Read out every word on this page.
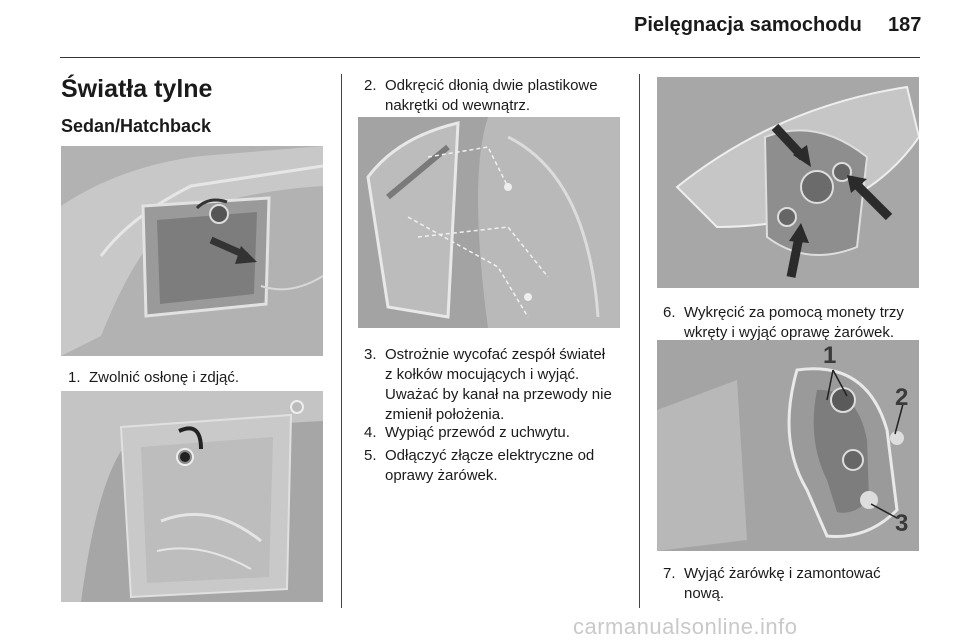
Pielęgnacja samochodu 187
Światła tylne
Sedan/Hatchback
1
2
3
1. Zwolnić osłonę i zdjąć.
2. Odkręcić dłonią dwie plastikowe
nakrętki od wewnątrz.
3. Ostrożnie wycofać zespół świateł
z kołków mocujących i wyjąć.
Uważać by kanał na przewody nie
zmienił położenia.
4. Wypiąć przewód z uchwytu.
5. Odłączyć złącze elektryczne od
oprawy żarówek.
6. Wykręcić za pomocą monety trzy
wkręty i wyjąć oprawę żarówek.
7. Wyjąć żarówkę i zamontować
nową.
carmanualsonline.info
